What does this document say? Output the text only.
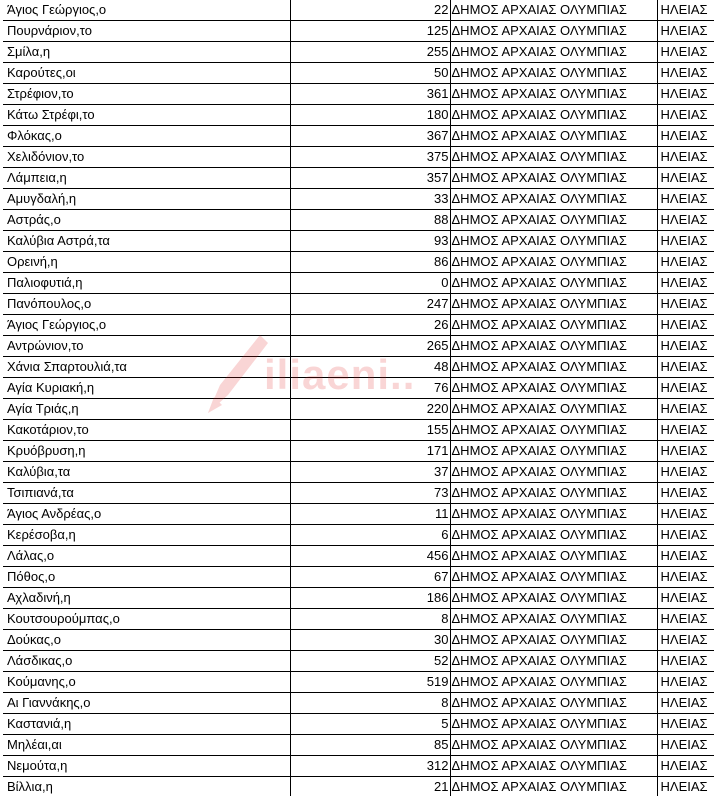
Άγιος Γεώργιος,ο	22	ΔΗΜΟΣ ΑΡΧΑΙΑΣ ΟΛΥΜΠΙΑΣ	ΗΛΕΙΑΣ
Πουρνάριον,το	125	ΔΗΜΟΣ ΑΡΧΑΙΑΣ ΟΛΥΜΠΙΑΣ	ΗΛΕΙΑΣ
Σμίλα,η	255	ΔΗΜΟΣ ΑΡΧΑΙΑΣ ΟΛΥΜΠΙΑΣ	ΗΛΕΙΑΣ
Καρούτες,οι	50	ΔΗΜΟΣ ΑΡΧΑΙΑΣ ΟΛΥΜΠΙΑΣ	ΗΛΕΙΑΣ
Στρέφιον,το	361	ΔΗΜΟΣ ΑΡΧΑΙΑΣ ΟΛΥΜΠΙΑΣ	ΗΛΕΙΑΣ
Κάτω Στρέφι,το	180	ΔΗΜΟΣ ΑΡΧΑΙΑΣ ΟΛΥΜΠΙΑΣ	ΗΛΕΙΑΣ
Φλόκας,ο	367	ΔΗΜΟΣ ΑΡΧΑΙΑΣ ΟΛΥΜΠΙΑΣ	ΗΛΕΙΑΣ
Χελιδόνιον,το	375	ΔΗΜΟΣ ΑΡΧΑΙΑΣ ΟΛΥΜΠΙΑΣ	ΗΛΕΙΑΣ
Λάμπεια,η	357	ΔΗΜΟΣ ΑΡΧΑΙΑΣ ΟΛΥΜΠΙΑΣ	ΗΛΕΙΑΣ
Αμυγδαλή,η	33	ΔΗΜΟΣ ΑΡΧΑΙΑΣ ΟΛΥΜΠΙΑΣ	ΗΛΕΙΑΣ
Αστράς,ο	88	ΔΗΜΟΣ ΑΡΧΑΙΑΣ ΟΛΥΜΠΙΑΣ	ΗΛΕΙΑΣ
Καλύβια Αστρά,τα	93	ΔΗΜΟΣ ΑΡΧΑΙΑΣ ΟΛΥΜΠΙΑΣ	ΗΛΕΙΑΣ
Ορεινή,η	86	ΔΗΜΟΣ ΑΡΧΑΙΑΣ ΟΛΥΜΠΙΑΣ	ΗΛΕΙΑΣ
Παλιοφυτιά,η	0	ΔΗΜΟΣ ΑΡΧΑΙΑΣ ΟΛΥΜΠΙΑΣ	ΗΛΕΙΑΣ
Πανόπουλος,ο	247	ΔΗΜΟΣ ΑΡΧΑΙΑΣ ΟΛΥΜΠΙΑΣ	ΗΛΕΙΑΣ
Άγιος Γεώργιος,ο	26	ΔΗΜΟΣ ΑΡΧΑΙΑΣ ΟΛΥΜΠΙΑΣ	ΗΛΕΙΑΣ
Αντρώνιον,το	265	ΔΗΜΟΣ ΑΡΧΑΙΑΣ ΟΛΥΜΠΙΑΣ	ΗΛΕΙΑΣ
Χάνια Σπαρτουλιά,τα	48	ΔΗΜΟΣ ΑΡΧΑΙΑΣ ΟΛΥΜΠΙΑΣ	ΗΛΕΙΑΣ
Αγία Κυριακή,η	76	ΔΗΜΟΣ ΑΡΧΑΙΑΣ ΟΛΥΜΠΙΑΣ	ΗΛΕΙΑΣ
Αγία Τριάς,η	220	ΔΗΜΟΣ ΑΡΧΑΙΑΣ ΟΛΥΜΠΙΑΣ	ΗΛΕΙΑΣ
Κακοτάριον,το	155	ΔΗΜΟΣ ΑΡΧΑΙΑΣ ΟΛΥΜΠΙΑΣ	ΗΛΕΙΑΣ
Κρυόβρυση,η	171	ΔΗΜΟΣ ΑΡΧΑΙΑΣ ΟΛΥΜΠΙΑΣ	ΗΛΕΙΑΣ
Καλύβια,τα	37	ΔΗΜΟΣ ΑΡΧΑΙΑΣ ΟΛΥΜΠΙΑΣ	ΗΛΕΙΑΣ
Τσιπιανά,τα	73	ΔΗΜΟΣ ΑΡΧΑΙΑΣ ΟΛΥΜΠΙΑΣ	ΗΛΕΙΑΣ
Άγιος Ανδρέας,ο	11	ΔΗΜΟΣ ΑΡΧΑΙΑΣ ΟΛΥΜΠΙΑΣ	ΗΛΕΙΑΣ
Κερέσοβα,η	6	ΔΗΜΟΣ ΑΡΧΑΙΑΣ ΟΛΥΜΠΙΑΣ	ΗΛΕΙΑΣ
Λάλας,ο	456	ΔΗΜΟΣ ΑΡΧΑΙΑΣ ΟΛΥΜΠΙΑΣ	ΗΛΕΙΑΣ
Πόθος,ο	67	ΔΗΜΟΣ ΑΡΧΑΙΑΣ ΟΛΥΜΠΙΑΣ	ΗΛΕΙΑΣ
Αχλαδινή,η	186	ΔΗΜΟΣ ΑΡΧΑΙΑΣ ΟΛΥΜΠΙΑΣ	ΗΛΕΙΑΣ
Κουτσουρούμπας,ο	8	ΔΗΜΟΣ ΑΡΧΑΙΑΣ ΟΛΥΜΠΙΑΣ	ΗΛΕΙΑΣ
Δούκας,ο	30	ΔΗΜΟΣ ΑΡΧΑΙΑΣ ΟΛΥΜΠΙΑΣ	ΗΛΕΙΑΣ
Λάσδικας,ο	52	ΔΗΜΟΣ ΑΡΧΑΙΑΣ ΟΛΥΜΠΙΑΣ	ΗΛΕΙΑΣ
Κούμανης,ο	519	ΔΗΜΟΣ ΑΡΧΑΙΑΣ ΟΛΥΜΠΙΑΣ	ΗΛΕΙΑΣ
Αι Γιαννάκης,ο	8	ΔΗΜΟΣ ΑΡΧΑΙΑΣ ΟΛΥΜΠΙΑΣ	ΗΛΕΙΑΣ
Καστανιά,η	5	ΔΗΜΟΣ ΑΡΧΑΙΑΣ ΟΛΥΜΠΙΑΣ	ΗΛΕΙΑΣ
Μηλέαι,αι	85	ΔΗΜΟΣ ΑΡΧΑΙΑΣ ΟΛΥΜΠΙΑΣ	ΗΛΕΙΑΣ
Νεμούτα,η	312	ΔΗΜΟΣ ΑΡΧΑΙΑΣ ΟΛΥΜΠΙΑΣ	ΗΛΕΙΑΣ
Βίλλια,η	21	ΔΗΜΟΣ ΑΡΧΑΙΑΣ ΟΛΥΜΠΙΑΣ	ΗΛΕΙΑΣ
iliaeni..
